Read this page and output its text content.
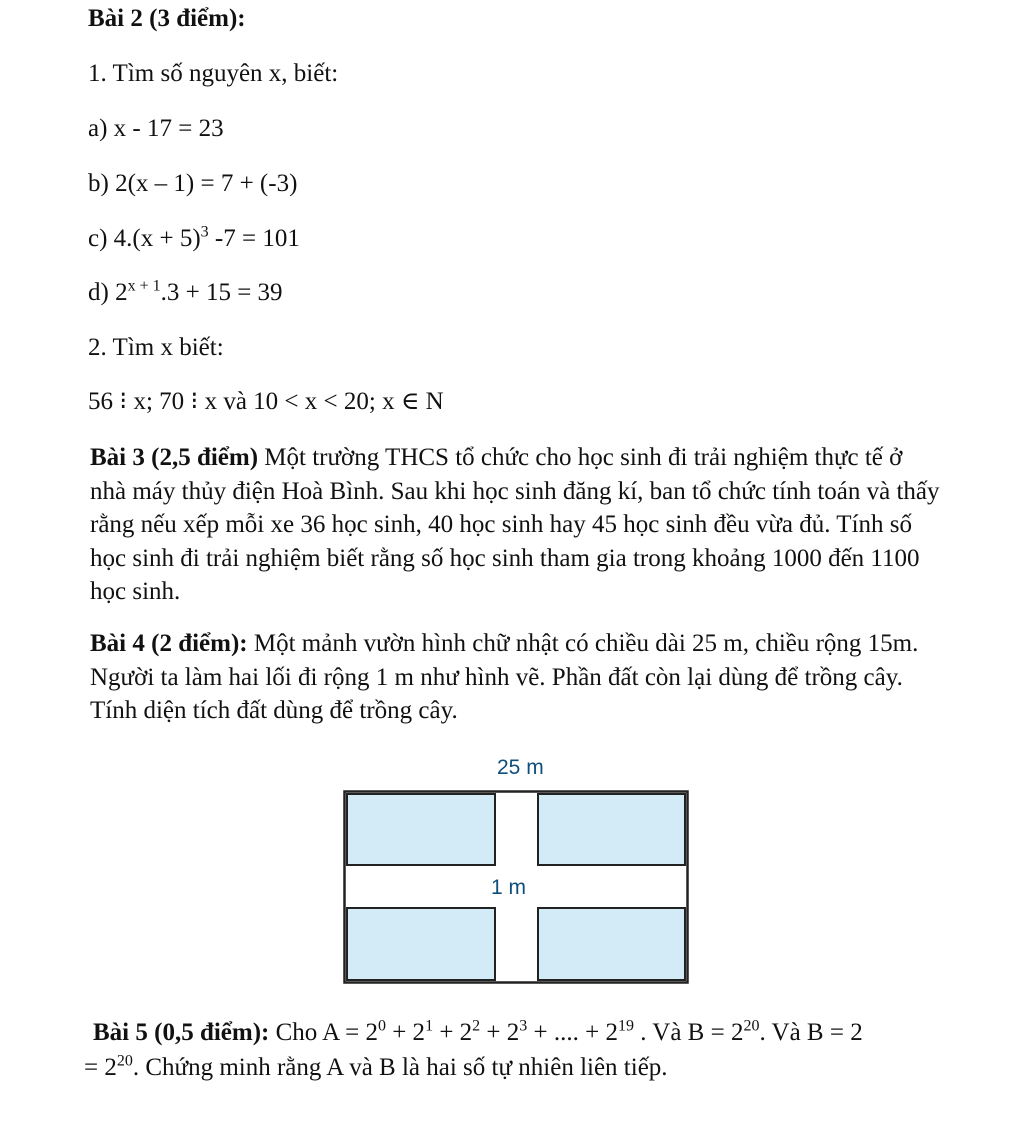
Bài 2 (3 điểm):
1. Tìm số nguyên x, biết:
a) x - 17 = 23
b) 2(x – 1) = 7 + (-3)
c) $4.(x + 5)^3$ -7 = 101
d) $2^{x + 1}.3 + 15 = 39$
2. Tìm x biết:
56 ⁝ x; 70 ⁝ x và 10 < x < 20; x ∈ N
Bài 3 (2,5 điểm) Một trường THCS tổ chức cho học sinh đi trải nghiệm thực tế ở nhà máy thủy điện Hoà Bình. Sau khi học sinh đăng kí, ban tổ chức tính toán và thấy rằng nếu xếp mỗi xe 36 học sinh, 40 học sinh hay 45 học sinh đều vừa đủ. Tính số học sinh đi trải nghiệm biết rằng số học sinh tham gia trong khoảng 1000 đến 1100 học sinh.
Bài 4 (2 điểm): Một mảnh vườn hình chữ nhật có chiều dài 25 m, chiều rộng 15m. Người ta làm hai lối đi rộng 1 m như hình vẽ. Phần đất còn lại dùng để trồng cây. Tính diện tích đất dùng để trồng cây.
25 m
1 m
Bài 5 (0,5 điểm): Cho $A = 2^0 + 2^1 + 2^2 + 2^3$ + .... + $2^{19}$ . Và $B = 2^{20}$. Và B = 2
= $2^{20}$. Chứng minh rằng A và B là hai số tự nhiên liên tiếp.
